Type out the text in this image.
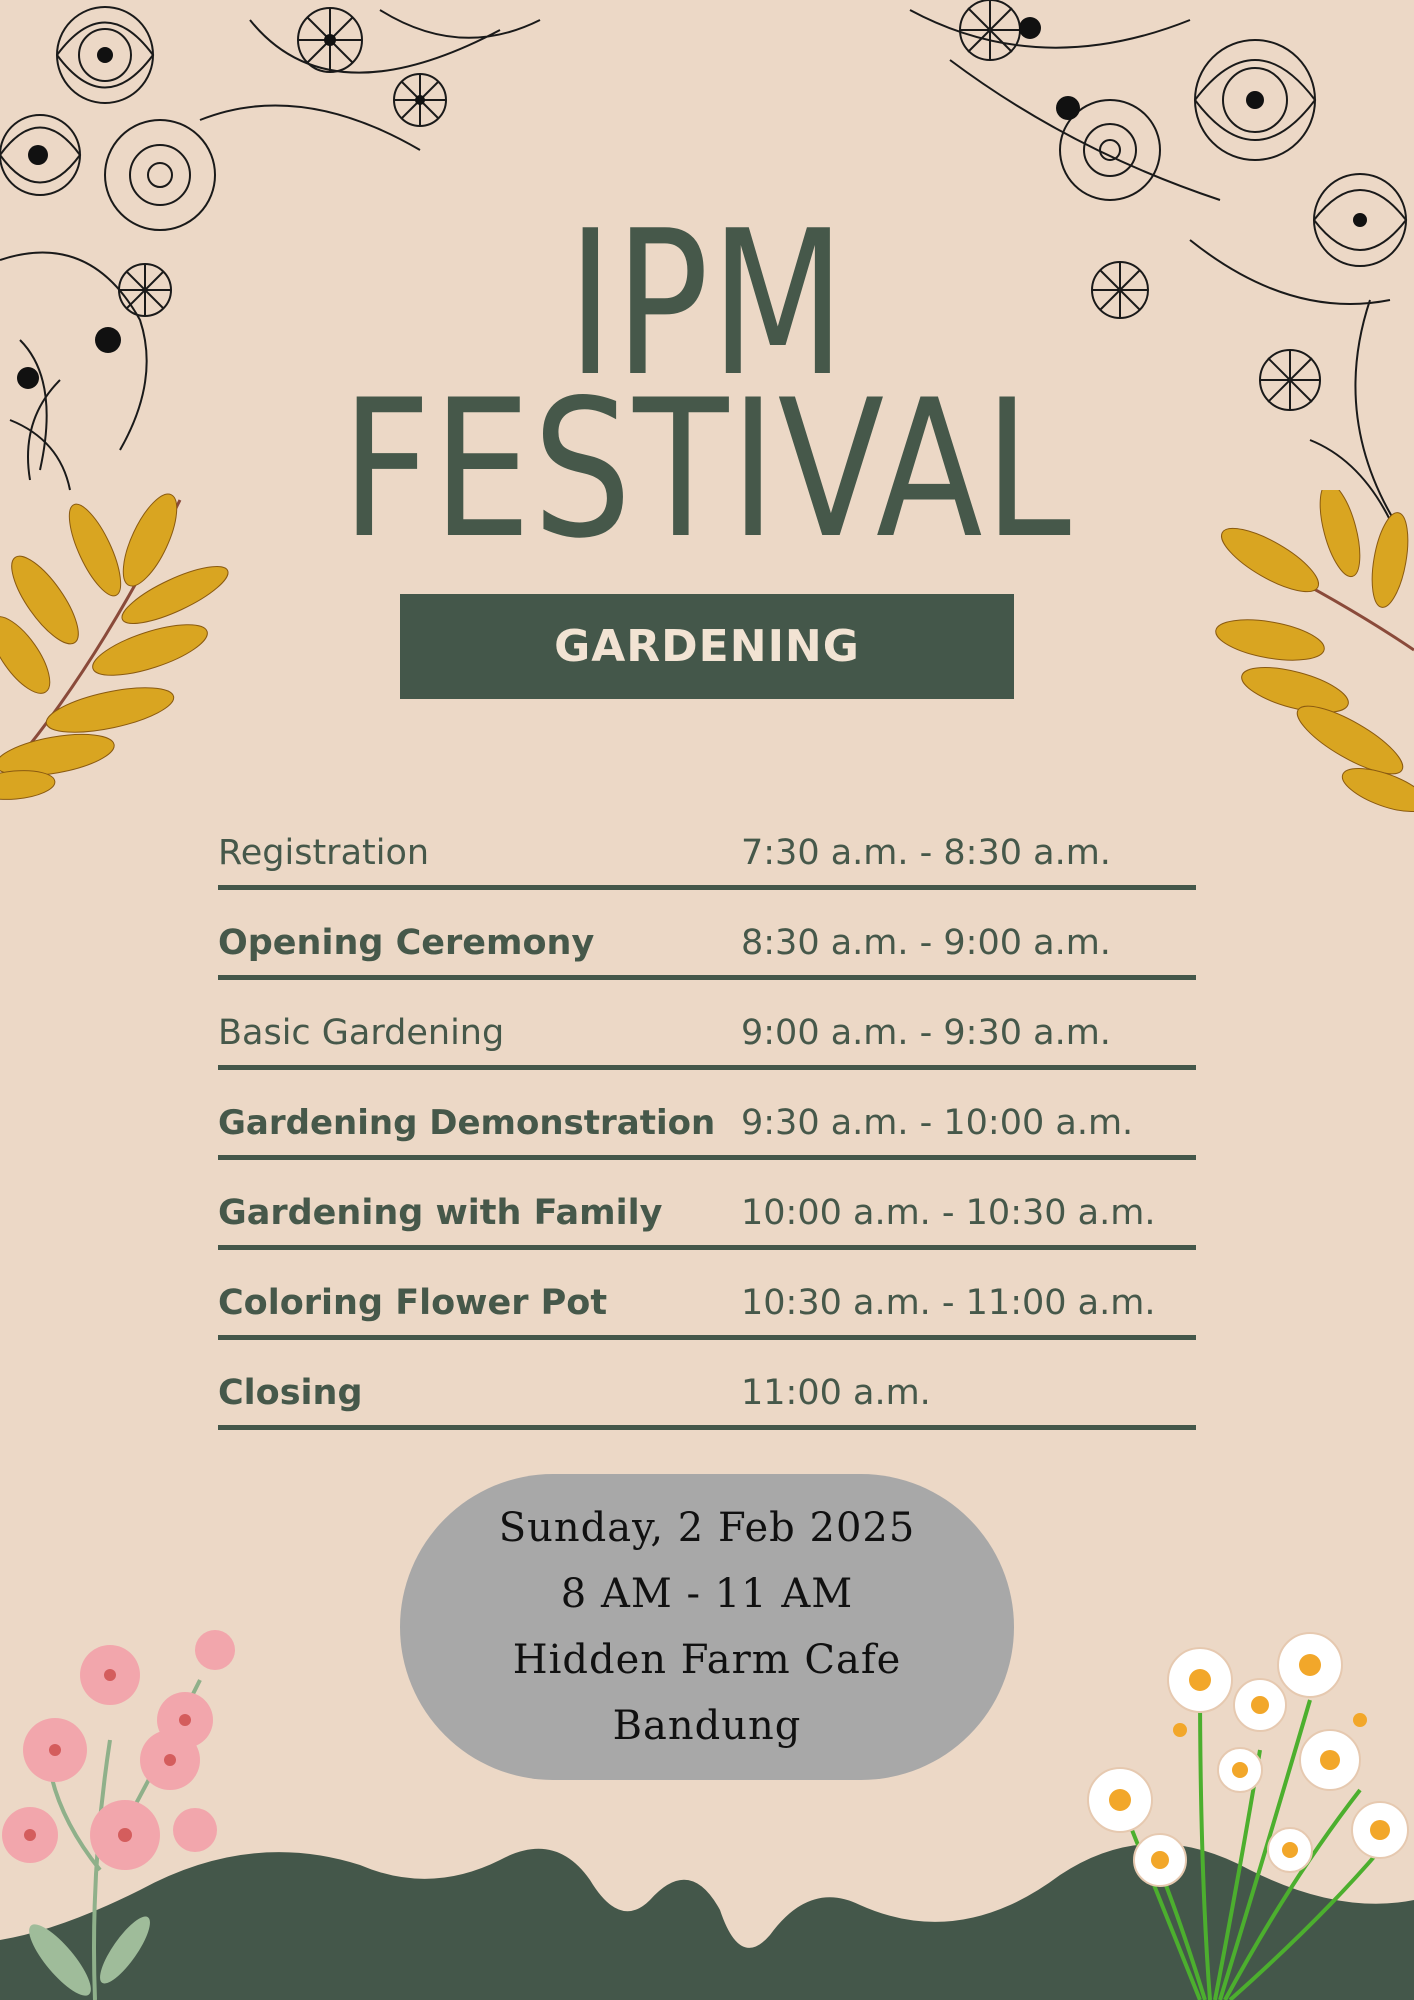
IPM
FESTIVAL
GARDENING
Registration	7:30 a.m. - 8:30 a.m.
Opening Ceremony	8:30 a.m. - 9:00 a.m.
Basic Gardening	9:00 a.m. - 9:30 a.m.
Gardening Demonstration 9:30 a.m. - 10:00 a.m.
Gardening with Family 10:00 a.m. - 10:30 a.m.
Coloring Flower Pot	10:30 a.m. - 11:00 a.m.
Closing	11:00 a.m.
Sunday, 2 Feb 2025
8 AM - 11 AM
Hidden Farm Cafe
Bandung
